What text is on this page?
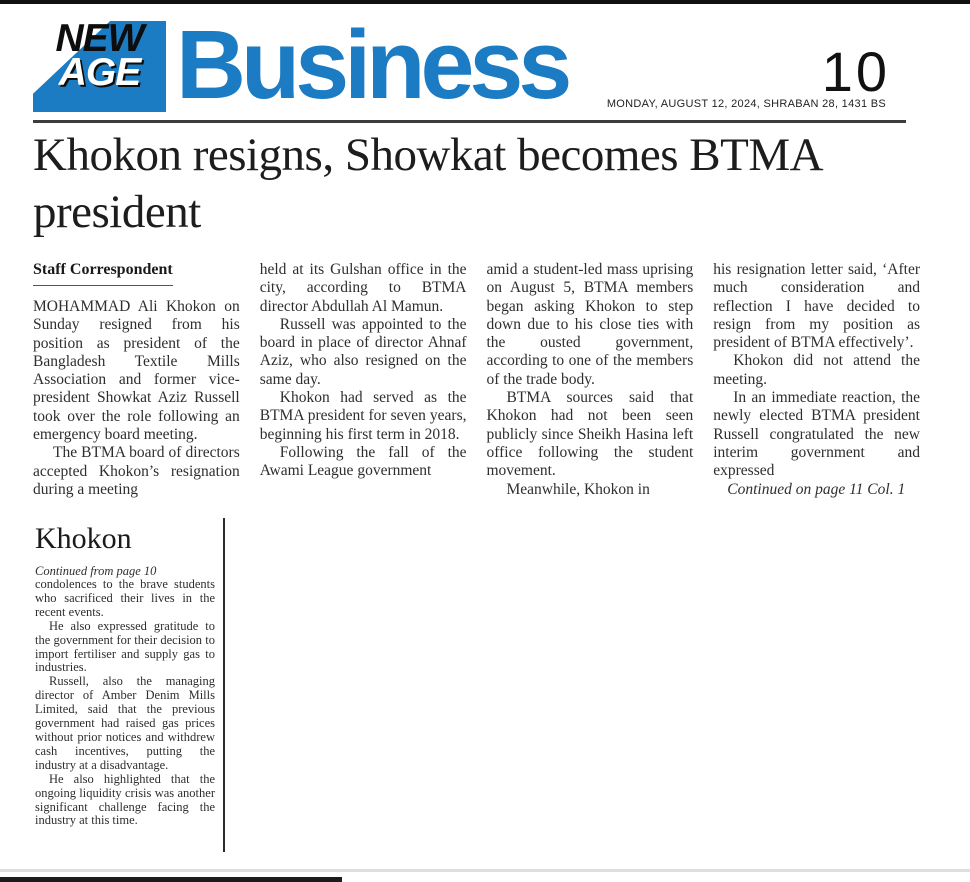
NEW
AGE Business	10
MONDAY, AUGUST 12, 2024, SHRABAN 28, 1431 BS
Khokon resigns, Showkat becomes BTMA president
Staff Correspondent

MOHAMMAD Ali Khokon on Sunday resigned from his position as president of the Bangladesh Textile Mills Association and former vice-president Showkat Aziz Russell took over the role following an emergency board meeting.

The BTMA board of directors accepted Khokon’s resignation during a meeting

held at its Gulshan office in the city, according to BTMA director Abdullah Al Mamun.

Russell was appointed to the board in place of director Ahnaf Aziz, who also resigned on the same day.

Khokon had served as the BTMA president for seven years, beginning his first term in 2018.

Following the fall of the Awami League government

amid a student-led mass uprising on August 5, BTMA members began asking Khokon to step down due to his close ties with the ousted government, according to one of the members of the trade body.

BTMA sources said that Khokon had not been seen publicly since Sheikh Hasina left office following the student movement.

Meanwhile, Khokon in

his resignation letter said, ‘After much consideration and reflection I have decided to resign from my position as president of BTMA effectively’.

Khokon did not attend the meeting.

In an immediate reaction, the newly elected BTMA president Russell congratulated the new interim government and expressed

Continued on page 11 Col. 1

Khokon

Continued from page 10

condolences to the brave students who sacrificed their lives in the recent events.

He also expressed gratitude to the government for their decision to import fertiliser and supply gas to industries.

Russell, also the managing director of Amber Denim Mills Limited, said that the previous government had raised gas prices without prior notices and withdrew cash incentives, putting the industry at a disadvantage.

He also highlighted that the ongoing liquidity crisis was another significant challenge facing the industry at this time.
